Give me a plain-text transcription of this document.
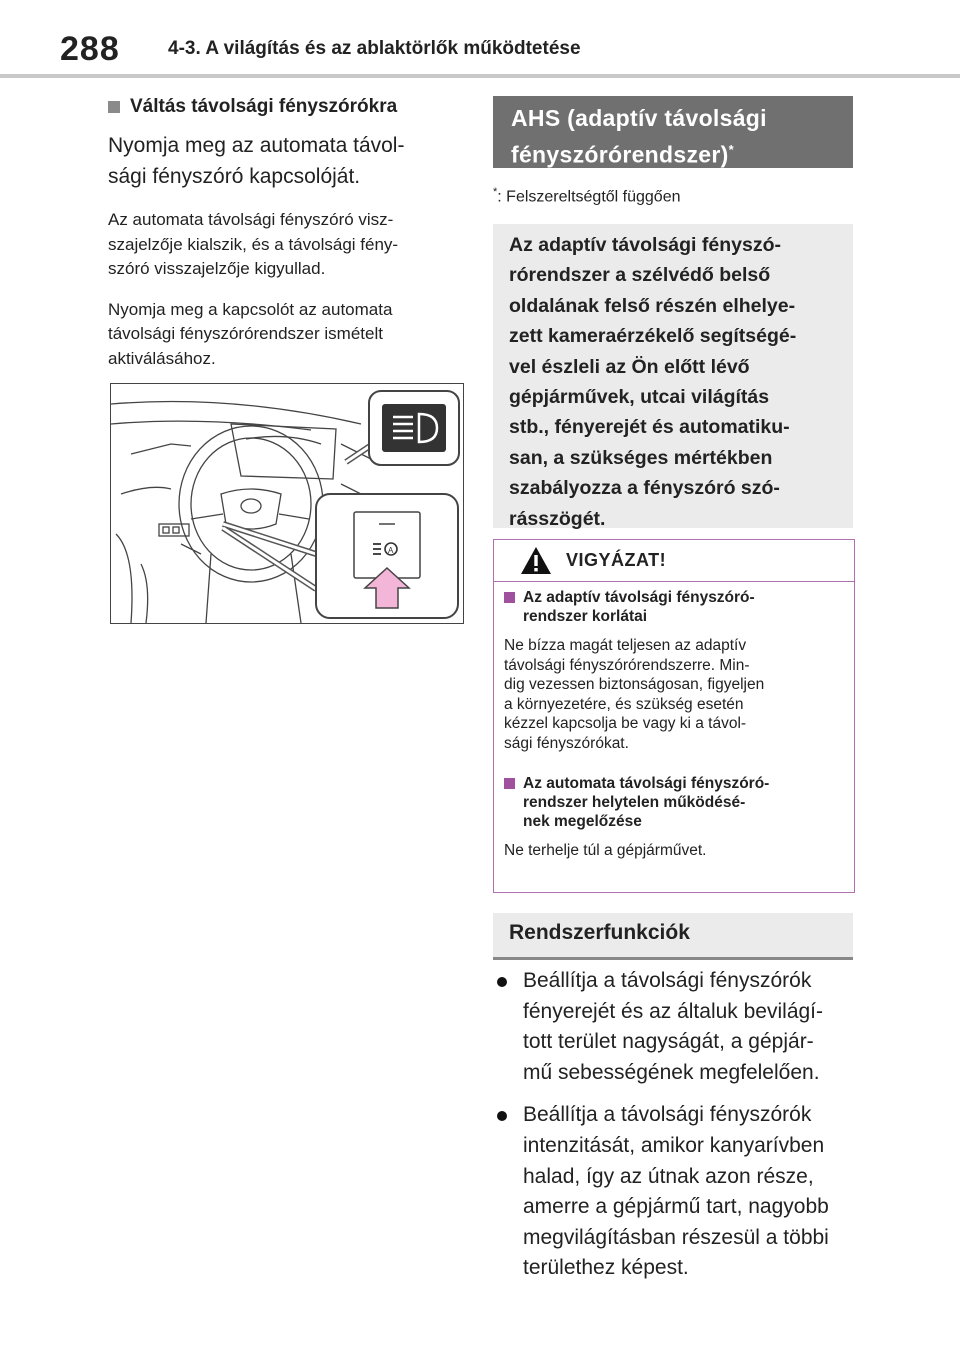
288	4-3. A világítás és az ablaktörlők működtetése
Váltás távolsági fényszórókra
Nyomja meg az automata távol-
sági fényszóró kapcsolóját.
Az automata távolsági fényszóró visz-
szajelzője kialszik, és a távolsági fény-
szóró visszajelzője kigyullad.
Nyomja meg a kapcsolót az automata
távolsági fényszórórendszer ismételt
aktiválásához.
A
AHS (adaptív távolsági
fényszórórendszer)*
*: Felszereltségtől függően
Az adaptív távolsági fényszó-
rórendszer a szélvédő belső
oldalának felső részén elhelye-
zett kameraérzékelő segítségé-
vel észleli az Ön előtt lévő
gépjárművek, utcai világítás
stb., fényerejét és automatiku-
san, a szükséges mértékben
szabályozza a fényszóró szó-
rásszögét.
VIGYÁZAT!
Az adaptív távolsági fényszóró-
rendszer korlátai
Ne bízza magát teljesen az adaptív
távolsági fényszórórendszerre. Min-
dig vezessen biztonságosan, figyeljen
a környezetére, és szükség esetén
kézzel kapcsolja be vagy ki a távol-
sági fényszórókat.
Az automata távolsági fényszóró-
rendszer helytelen működésé-
nek megelőzése
Ne terhelje túl a gépjárművet.
Rendszerfunkciók
Beállítja a távolsági fényszórók
fényerejét és az általuk bevilágí-
tott terület nagyságát, a gépjár-
mű sebességének megfelelően.
Beállítja a távolsági fényszórók
intenzitását, amikor kanyarívben
halad, így az útnak azon része,
amerre a gépjármű tart, nagyobb
megvilágításban részesül a többi
területhez képest.
